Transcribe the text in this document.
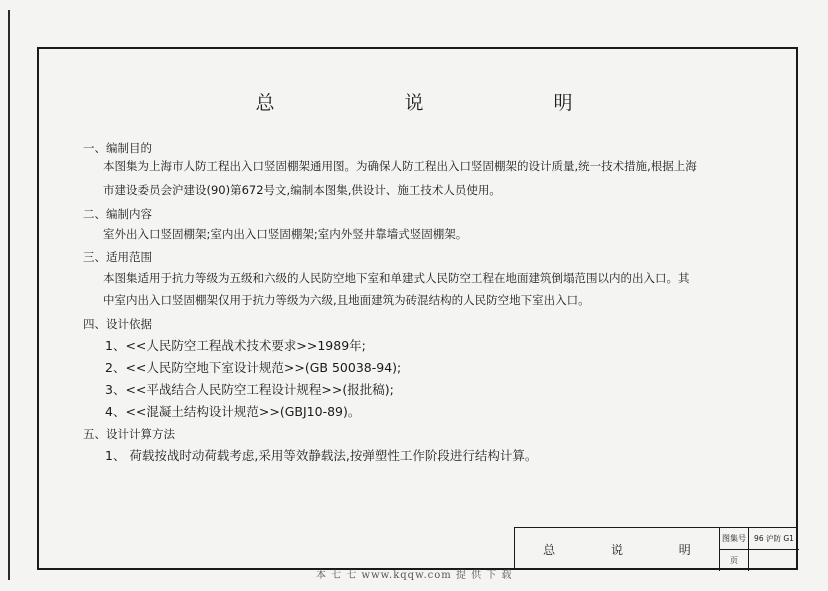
总 说 明
一、编制目的
本图集为上海市人防工程出入口竖固棚架通用图。为确保人防工程出入口竖固棚架的设计质量,统一技术措施,根据上海
市建设委员会沪建设(90)第672号文,编制本图集,供设计、施工技术人员使用。
二、编制内容
室外出入口竖固棚架;室内出入口竖固棚架;室内外竖井靠墙式竖固棚架。
三、适用范围
本图集适用于抗力等级为五级和六级的人民防空地下室和单建式人民防空工程在地面建筑倒塌范围以内的出入口。其
中室内出入口竖固棚架仅用于抗力等级为六级,且地面建筑为砖混结构的人民防空地下室出入口。
四、设计依据
1、<<人民防空工程战术技术要求>>1989年;
2、<<人民防空地下室设计规范>>(GB 50038-94);
3、<<平战结合人民防空工程设计规程>>(报批稿);
4、<<混凝土结构设计规范>>(GBJ10-89)。
五、设计计算方法
1、 荷载按战时动荷载考虑,采用等效静载法,按弹塑性工作阶段进行结构计算。
总 说 明
图集号	96 沪防 G1
页
本 七 七 www.kqqw.com 提 供 下 载
